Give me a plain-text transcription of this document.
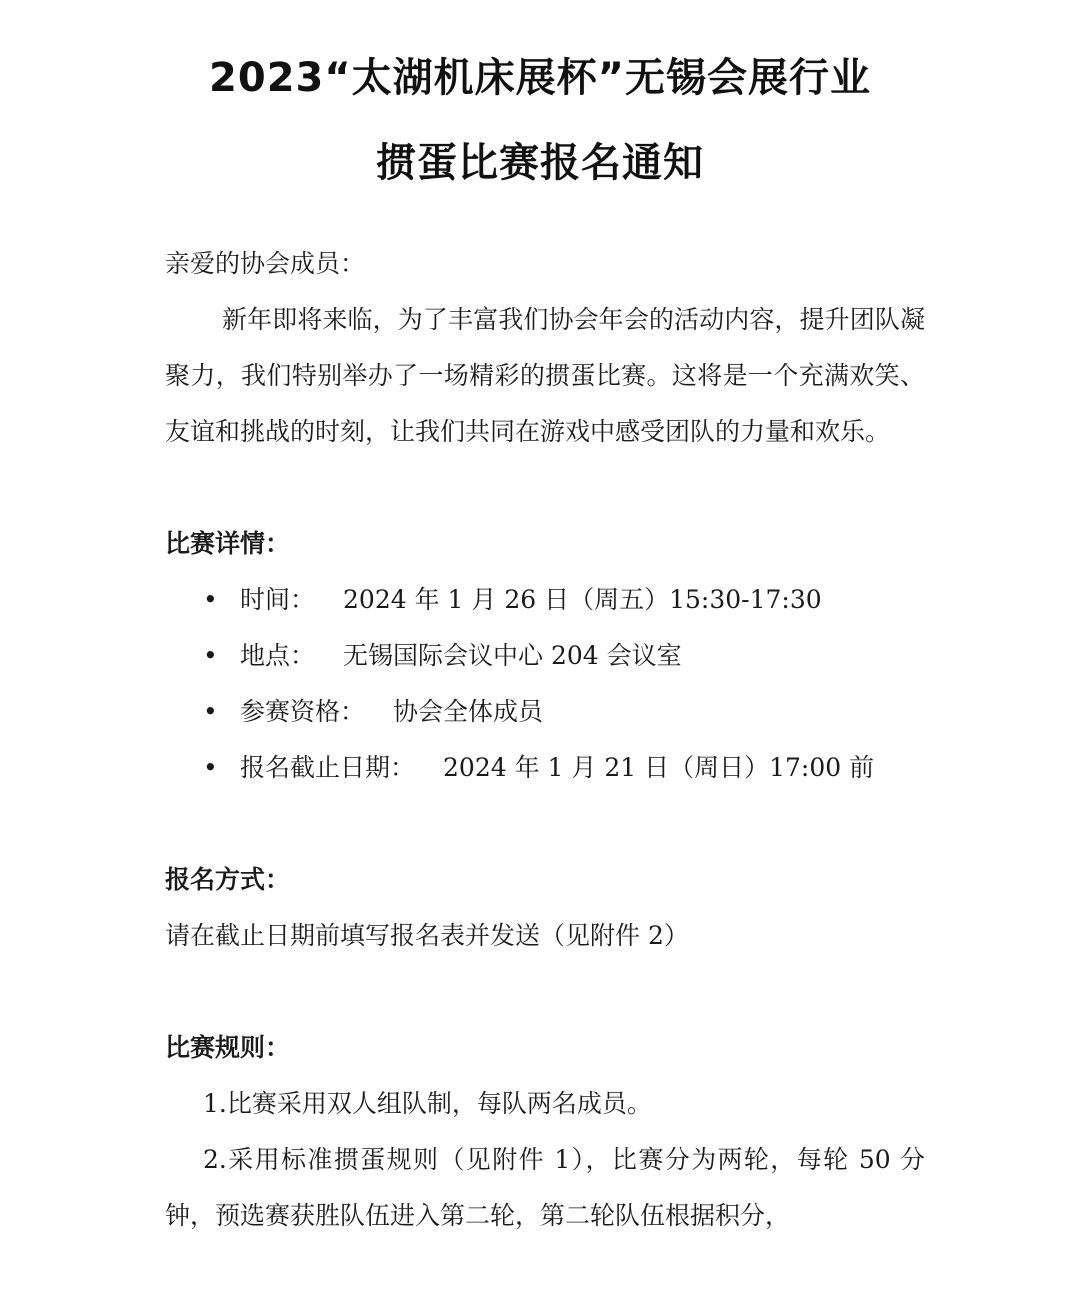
2023“太湖机床展杯”无锡会展行业
掼蛋比赛报名通知

亲爱的协会成员：

新年即将来临，为了丰富我们协会年会的活动内容，提升团队凝聚力，我们特别举办了一场精彩的掼蛋比赛。这将是一个充满欢笑、友谊和挑战的时刻，让我们共同在游戏中感受团队的力量和欢乐。

比赛详情：
• 时间： 2024 年 1 月 26 日（周五）15:30-17:30
• 地点： 无锡国际会议中心 204 会议室
• 参赛资格： 协会全体成员
• 报名截止日期： 2024 年 1 月 21 日（周日）17:00 前
报名方式：

请在截止日期前填写报名表并发送（见附件 2）

比赛规则：

1.比赛采用双人组队制，每队两名成员。

2.采用标准掼蛋规则（见附件 1），比赛分为两轮，每轮 50 分钟，预选赛获胜队伍进入第二轮，第二轮队伍根据积分，
